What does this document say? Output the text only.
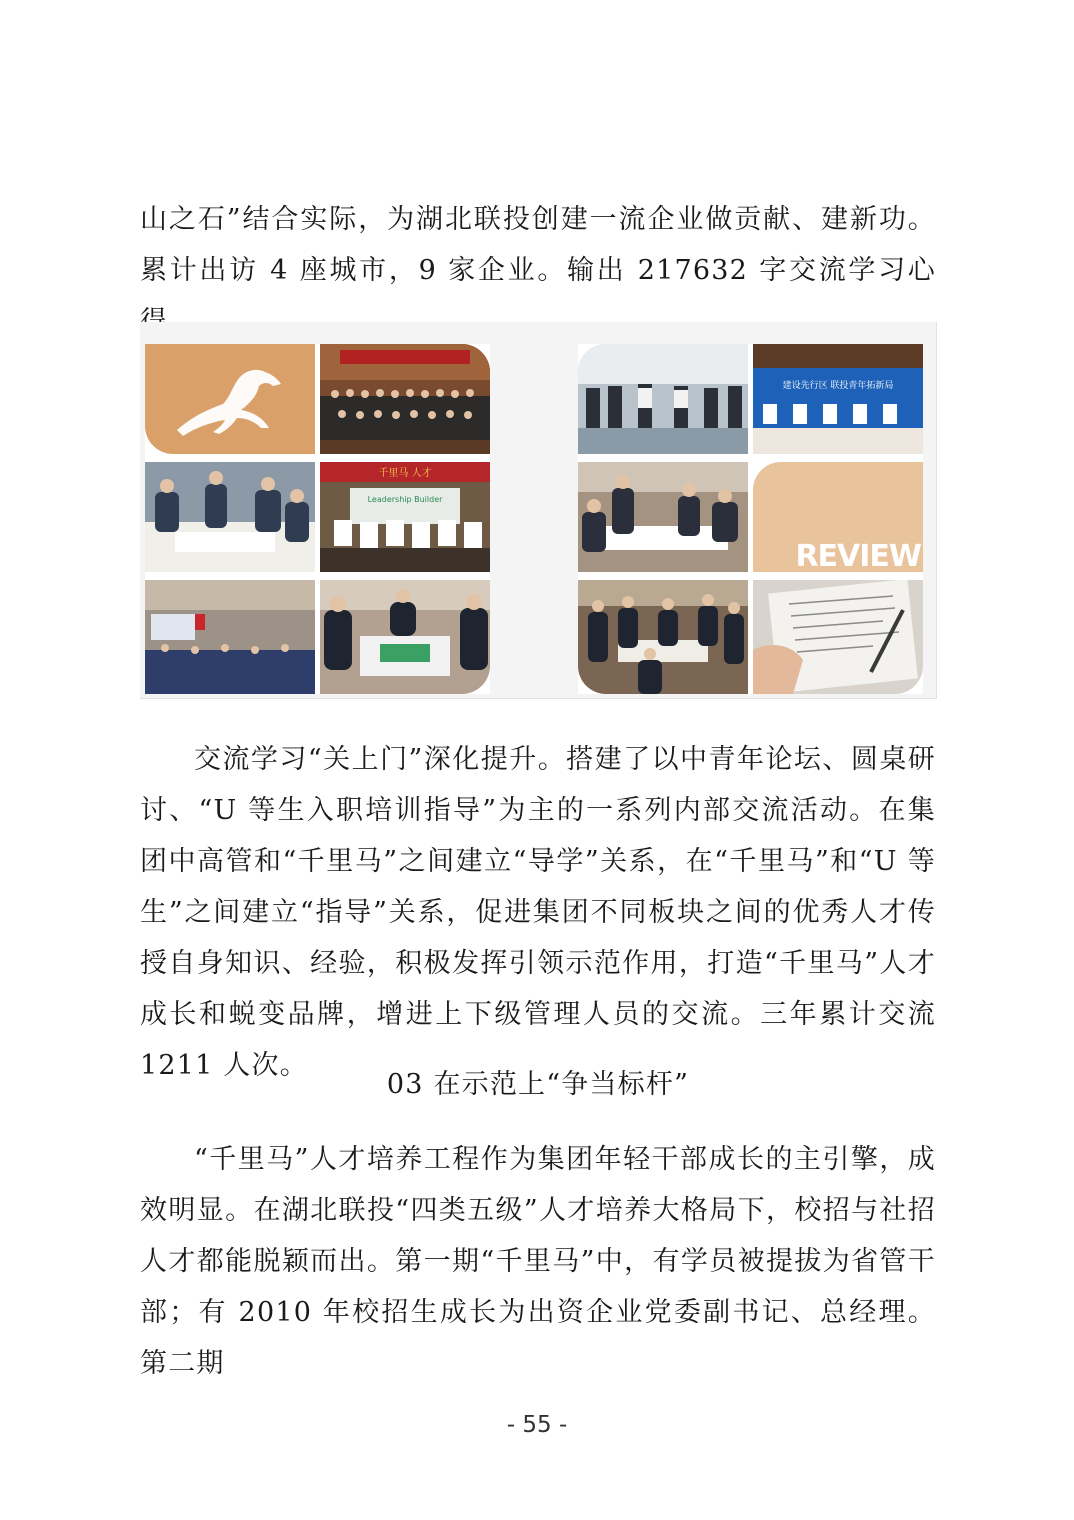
山之石”结合实际，为湖北联投创建一流企业做贡献、建新功。累计出访 4 座城市，9 家企业。输出 217632 字交流学习心

千里马 人才
Leadership Builder
建设先行区 联投青年拓新局
REVIEW

交流学习“关上门”深化提升。搭建了以中青年论坛、圆桌研讨、“U 等生入职培训指导”为主的一系列内部交流活动。在集团中高管和“千里马”之间建立“导学”关系，在“千里马”和“U 等生”之间建立“指导”关系，促进集团不同板块之间的优秀人才传授自身知识、经验，积极发挥引领示范作用，打造“千里马”人才成长和蜕变品牌，增进上下级管理人员的交流。三年累计交流 1211 人次。

03 在示范上“争当标杆”

“千里马”人才培养工程作为集团年轻干部成长的主引擎，成效明显。在湖北联投“四类五级”人才培养大格局下，校招与社招人才都能脱颖而出。第一期“千里马”中，有学员被提拔为省管干部；有 2010 年校招生成长为出资企业党委副书记、总经理。第二期

- 55 -
